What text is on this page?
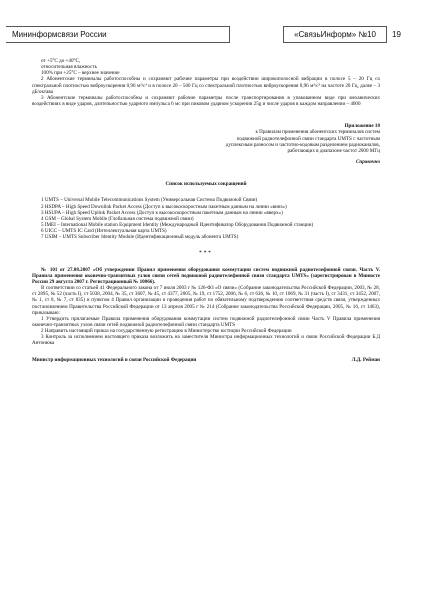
Мининформсвязи России	«СвязьИнформ» №10	19

от +5°С до +40°С,

относительная влажность

100% при +25°С – верхнее значение

2 Абонентские терминалы работоспособны и сохраняют рабочие параметры при воздействии широкополосной вибрации в полосе 5 – 20 Гц со спектральной плотностью виброускорения 0,96 м²/с³ и в полосе 20 – 500 Гц со спектральной плотностью виброускорения 0,96 м²/с³ на частоте 20 Гц, далее – 3 дБ/октава

3 Абонентские терминалы работоспособны и сохраняют рабочие параметры после транспортирования в упакованном виде при механических воздействиях в виде ударов, длительностью ударного импульса 6 мс при пиковом ударном ускорении 25g и числе ударов в каждом направлении – 4000

Приложение 10

к Правилам применения абонентских терминалов систем

подвижной радиотелефонной связи стандарта UMTS с частотным

дуплексным разносом и частотно-кодовым разделением радиоканалов,

работающих в диапазоне частот 2000 МГц

Справочно

Список используемых сокращений

1 UMTS – Universal Mobile Telecommunications System (Универсальная Система Подвижной Связи)

2 HSDPA – High Speed Downlink Packet Access (Доступ к высокоскоростным пакетным данным на линии «вниз»)

3 HSUPA – High Speed Uplink Packet Access (Доступ к высокоскоростным пакетным данным на линии «вверх»)

4 GSM – Global System Mobile (Глобальная система подвижной связи)

5 IMEI – International Mobile station Equipment Identity (Международный Идентификатор Оборудования Подвижной станции)

6 UICC – UMTS IC Card (Интеллектуальная карта UMTS)

7 USIM – UMTS Subscriber Identity Module (Идентификационный модуль абонента UMTS)

***

№ 101 от 27.08.2007 «Об утверждении Правил применения оборудования коммутации систем подвижной радиотелефонной связи. Часть V. Правила применения оконечно-транзитных узлов связи сетей подвижной радиотелефонной связи стандарта UMTS» (зарегистрирован в Минюсте России 29 августа 2007 г. Регистрационный № 10066).

В соответствии со статьей 41 Федерального закона от 7 июля 2003 г № 126-ФЗ «О связи» (Собрание законодательства Российской Федерации, 2003, № 28, ст 2895, № 52 (часть I), ст 5038, 2004, № 35, ст 3607, № 45, ст 4377, 2005, № 19, ст 1752, 2006, № 6, ст 636, № 10, ст 1069, № 31 (часть I), ст 3431, ст 3452, 2007, № 1, ст 8, № 7, ст 835) и пунктом 4 Правил организации и проведения работ по обязательному подтверждению соответствия средств связи, утвержденных постановлением Правительства Российской Федерации от 13 апреля 2005 г № 214 (Собрание законодательства Российской Федерации, 2005, № 16, ст 1463), приказываю:

1 Утвердить прилагаемые Правила применения оборудования коммутации систем подвижной радиотелефонной связи Часть V Правила применения оконечно-транзитных узлов связи сетей подвижной радиотелефонной связи стандарта UMTS

2 Направить настоящий приказ на государственную регистрацию в Министерство юстиции Российской Федерации

3 Контроль за исполнением настоящего приказа возложить на заместителя Министра информационных технологий и связи Российской Федерации Б.Д Антонюка

Министр информационных технологий и связи Российской Федерации	Л.Д. Рейман
